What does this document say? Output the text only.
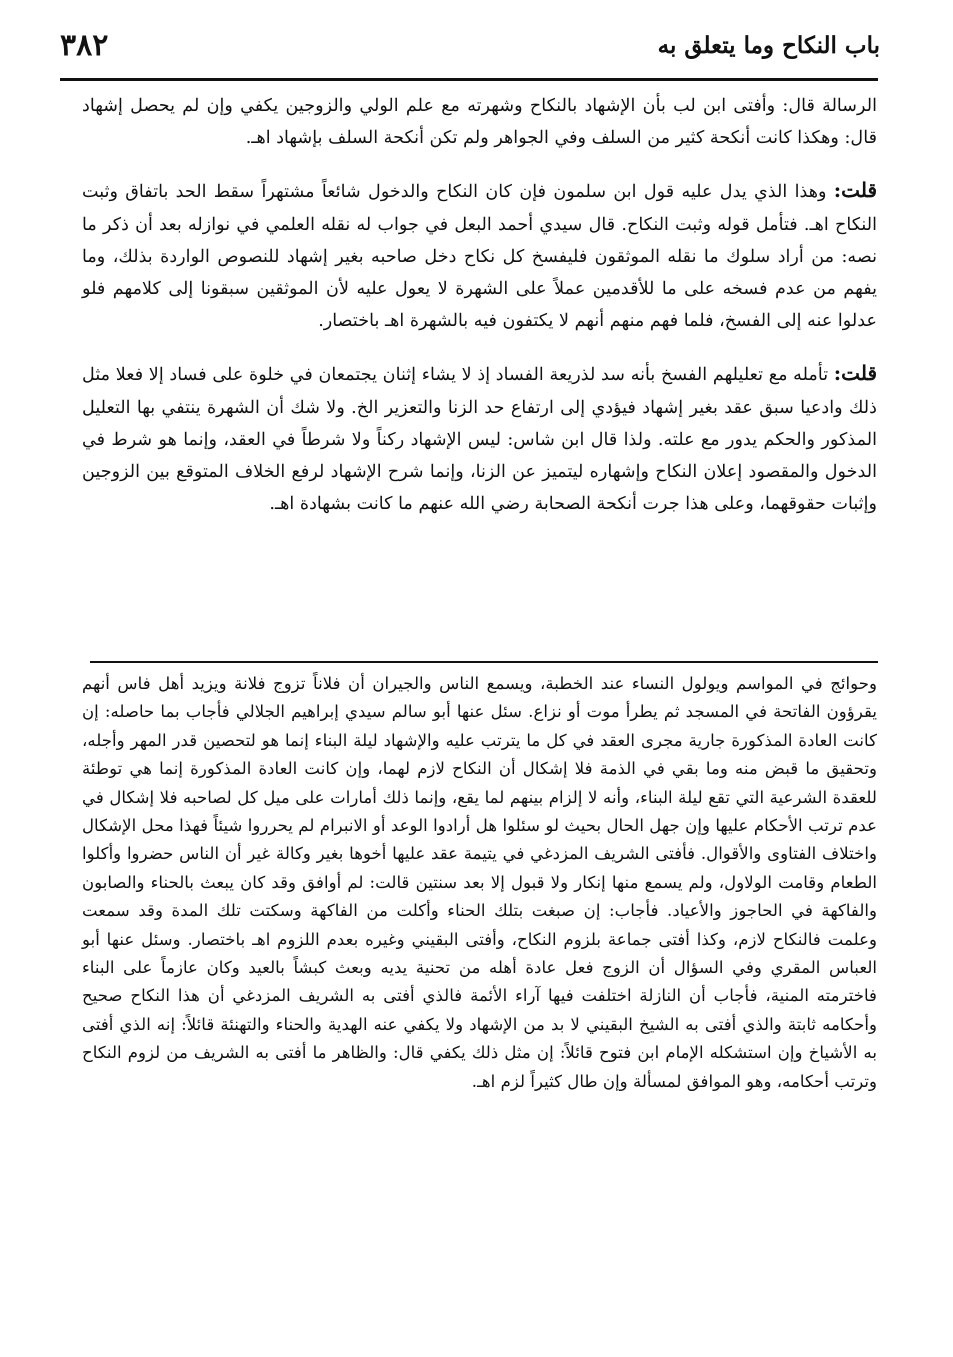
باب النكاح وما يتعلق به
٣٨٢

الرسالة قال: وأفتى ابن لب بأن الإشهاد بالنكاح وشهرته مع علم الولي والزوجين يكفي وإن لم يحصل إشهاد قال: وهكذا كانت أنكحة كثير من السلف وفي الجواهر ولم تكن أنكحة السلف بإشهاد اهـ.

قلت: وهذا الذي يدل عليه قول ابن سلمون فإن كان النكاح والدخول شائعاً مشتهراً سقط الحد باتفاق وثبت النكاح اهـ. فتأمل قوله وثبت النكاح. قال سيدي أحمد البعل في جواب له نقله العلمي في نوازله بعد أن ذكر ما نصه: من أراد سلوك ما نقله الموثقون فليفسخ كل نكاح دخل صاحبه بغير إشهاد للنصوص الواردة بذلك، وما يفهم من عدم فسخه على ما للأقدمين عملاً على الشهرة لا يعول عليه لأن الموثقين سبقونا إلى كلامهم فلو عدلوا عنه إلى الفسخ، فلما فهم منهم أنهم لا يكتفون فيه بالشهرة اهـ باختصار.

قلت: تأمله مع تعليلهم الفسخ بأنه سد لذريعة الفساد إذ لا يشاء إثنان يجتمعان في خلوة على فساد إلا فعلا مثل ذلك وادعيا سبق عقد بغير إشهاد فيؤدي إلى ارتفاع حد الزنا والتعزير الخ. ولا شك أن الشهرة ينتفي بها التعليل المذكور والحكم يدور مع علته. ولذا قال ابن شاس: ليس الإشهاد ركناً ولا شرطاً في العقد، وإنما هو شرط في الدخول والمقصود إعلان النكاح وإشهاره ليتميز عن الزنا، وإنما شرح الإشهاد لرفع الخلاف المتوقع بين الزوجين وإثبات حقوقهما، وعلى هذا جرت أنكحة الصحابة رضي الله عنهم ما كانت بشهادة اهـ.

وحوائج في المواسم ويولول النساء عند الخطبة، ويسمع الناس والجيران أن فلاناً تزوج فلانة ويزيد أهل فاس أنهم يقرؤون الفاتحة في المسجد ثم يطرأ موت أو نزاع. سئل عنها أبو سالم سيدي إبراهيم الجلالي فأجاب بما حاصله: إن كانت العادة المذكورة جارية مجرى العقد في كل ما يترتب عليه والإشهاد ليلة البناء إنما هو لتحصين قدر المهر وأجله، وتحقيق ما قبض منه وما بقي في الذمة فلا إشكال أن النكاح لازم لهما، وإن كانت العادة المذكورة إنما هي توطئة للعقدة الشرعية التي تقع ليلة البناء، وأنه لا إلزام بينهم لما يقع، وإنما ذلك أمارات على ميل كل لصاحبه فلا إشكال في عدم ترتب الأحكام عليها وإن جهل الحال بحيث لو سئلوا هل أرادوا الوعد أو الانبرام لم يحرروا شيئاً فهذا محل الإشكال واختلاف الفتاوى والأقوال. فأفتى الشريف المزدغي في يتيمة عقد عليها أخوها بغير وكالة غير أن الناس حضروا وأكلوا الطعام وقامت الولاول، ولم يسمع منها إنكار ولا قبول إلا بعد سنتين قالت: لم أوافق وقد كان يبعث بالحناء والصابون والفاكهة في الحاجوز والأعياد. فأجاب: إن صبغت بتلك الحناء وأكلت من الفاكهة وسكتت تلك المدة وقد سمعت وعلمت فالنكاح لازم، وكذا أفتى جماعة بلزوم النكاح، وأفتى البقيني وغيره بعدم اللزوم اهـ باختصار. وسئل عنها أبو العباس المقري وفي السؤال أن الزوج فعل عادة أهله من تحنية يديه وبعث كبشاً بالعيد وكان عازماً على البناء فاخترمته المنية، فأجاب أن النازلة اختلفت فيها آراء الأئمة فالذي أفتى به الشريف المزدغي أن هذا النكاح صحيح وأحكامه ثابتة والذي أفتى به الشيخ البقيني لا بد من الإشهاد ولا يكفي عنه الهدية والحناء والتهنئة قائلاً: إنه الذي أفتى به الأشياخ وإن استشكله الإمام ابن فتوح قائلاً: إن مثل ذلك يكفي قال: والظاهر ما أفتى به الشريف من لزوم النكاح وترتب أحكامه، وهو الموافق لمسألة وإن طال كثيراً لزم اهـ.
